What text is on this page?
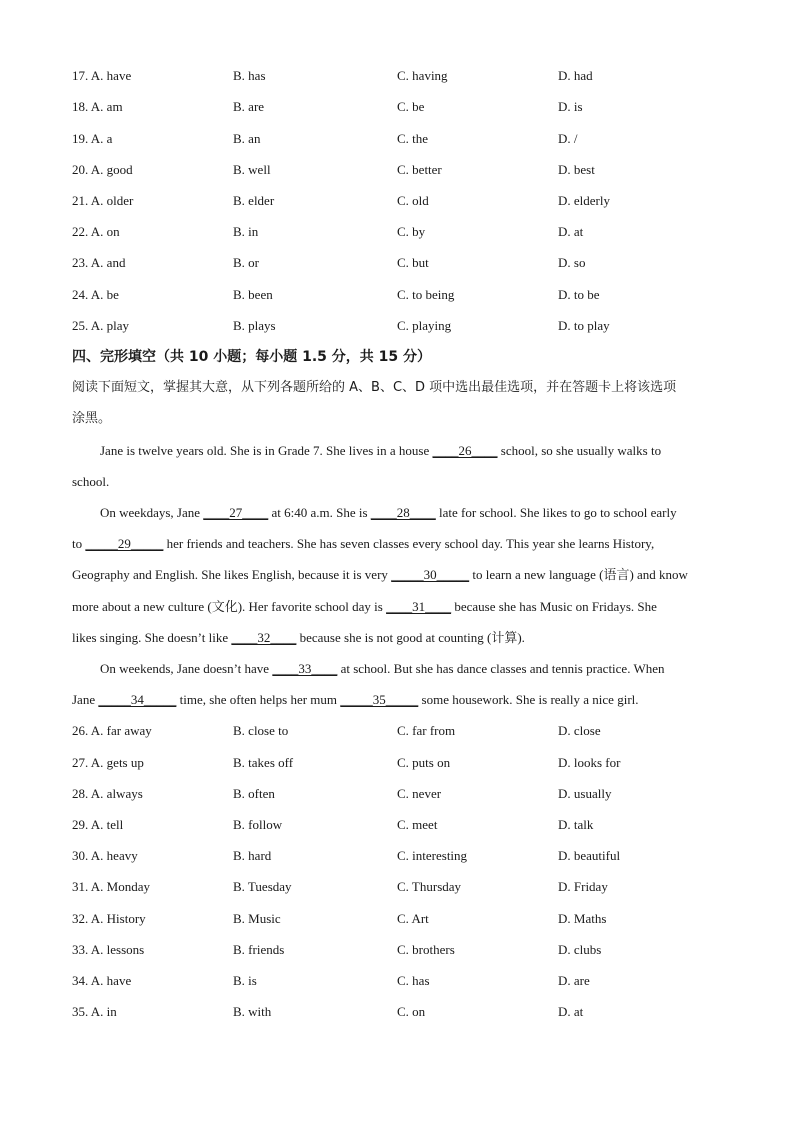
17. A. have	B. has	C. having	D. had
18. A. am	B. are	C. be	D. is
19. A. a	B. an	C. the	D. /
20. A. good	B. well	C. better	D. best
21. A. older	B. elder	C. old	D. elderly
22. A. on	B. in	C. by	D. at
23. A. and	B. or	C. but	D. so
24. A. be	B. been	C. to being	D. to be
25. A. play	B. plays	C. playing	D. to play
四、完形填空（共 10 小题；每小题 1.5 分，共 15 分）
阅读下面短文，掌握其大意，从下列各题所给的 A、B、C、D 项中选出最佳选项，并在答题卡上将该选项
涂黑。
Jane is twelve years old. She is in Grade 7. She lives in a house ____26____ school, so she usually walks to
school.
On weekdays, Jane ____27____ at 6:40 a.m. She is ____28____ late for school. She likes to go to school early
to _____29_____ her friends and teachers. She has seven classes every school day. This year she learns History,
Geography and English. She likes English, because it is very _____30_____ to learn a new language (语言) and know
more about a new culture (文化). Her favorite school day is ____31____ because she has Music on Fridays. She
likes singing. She doesn’t like ____32____ because she is not good at counting (计算).
On weekends, Jane doesn’t have ____33____ at school. But she has dance classes and tennis practice. When
Jane _____34_____ time, she often helps her mum _____35_____ some housework. She is really a nice girl.
26. A. far away	B. close to	C. far from	D. close
27. A. gets up	B. takes off	C. puts on	D. looks for
28. A. always	B. often	C. never	D. usually
29. A. tell	B. follow	C. meet	D. talk
30. A. heavy	B. hard	C. interesting	D. beautiful
31. A. Monday	B. Tuesday	C. Thursday	D. Friday
32. A. History	B. Music	C. Art	D. Maths
33. A. lessons	B. friends	C. brothers	D. clubs
34. A. have	B. is	C. has	D. are
35. A. in	B. with	C. on	D. at
